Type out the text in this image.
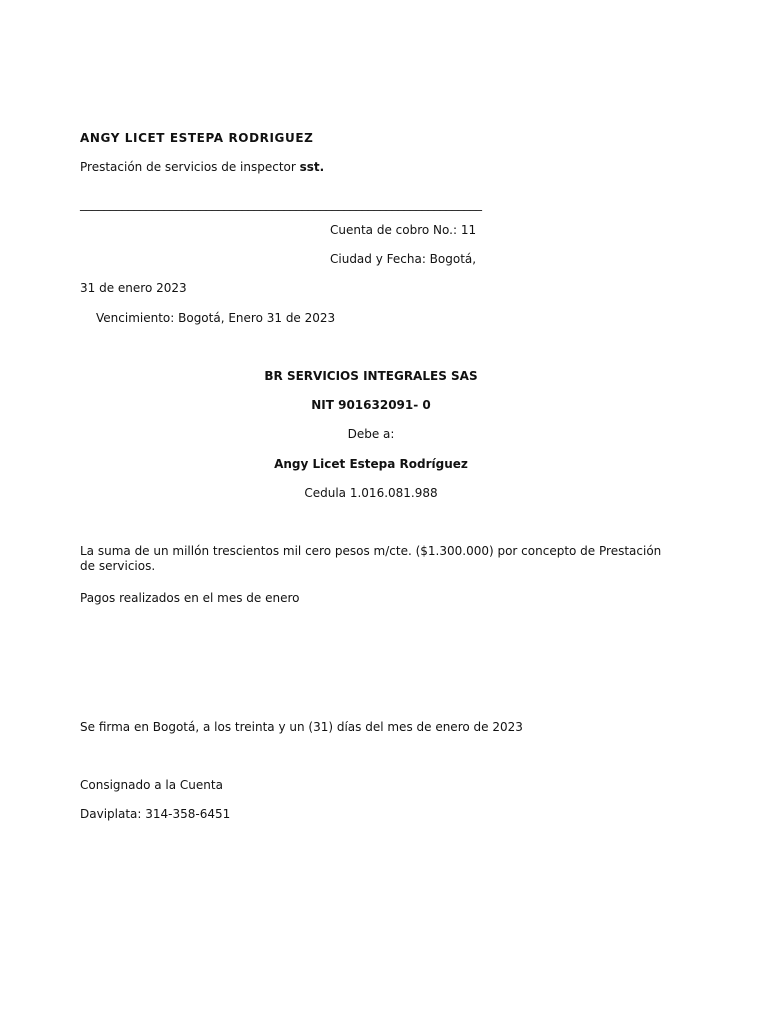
ANGY LICET ESTEPA RODRIGUEZ
Prestación de servicios de inspector sst.
___________________________________________________________________
Cuenta de cobro No.: 11
Ciudad y Fecha: Bogotá,
31 de enero 2023
Vencimiento: Bogotá, Enero 31 de 2023
BR SERVICIOS INTEGRALES SAS
NIT 901632091- 0
Debe a:
Angy Licet Estepa Rodríguez
Cedula 1.016.081.988
La suma de un millón trescientos mil cero pesos m/cte. ($1.300.000) por concepto de Prestación de servicios.
Pagos realizados en el mes de enero
Se firma en Bogotá, a los treinta y un (31) días del mes de enero de 2023
Consignado a la Cuenta
Daviplata: 314-358-6451
